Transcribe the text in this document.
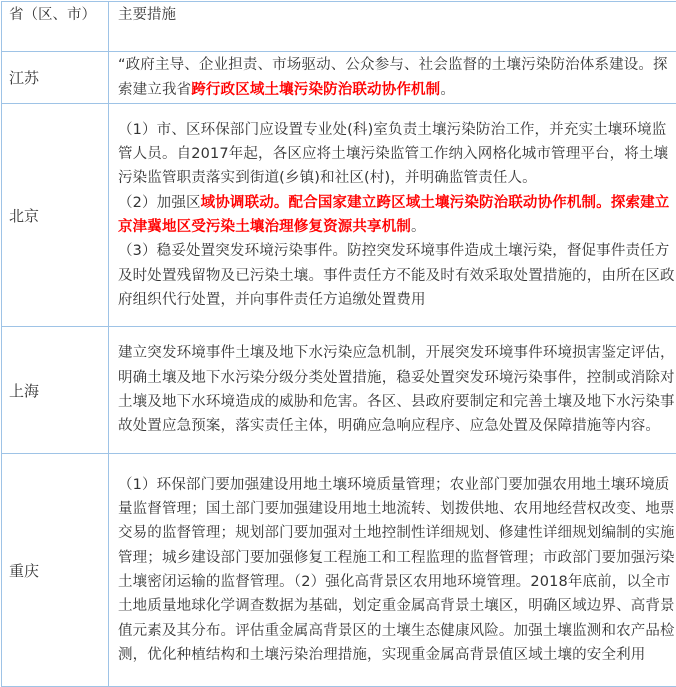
省（区、市）	主要措施
江苏	“政府主导、企业担责、市场驱动、公众参与、社会监督的土壤污染防治体系建设。探索建立我省跨行政区域土壤污染防治联动协作机制。
北京	（1）市、区环保部门应设置专业处(科)室负责土壤污染防治工作，并充实土壤环境监管人员。自2017年起，各区应将土壤污染监管工作纳入网格化城市管理平台，将土壤污染监管职责落实到街道(乡镇)和社区(村)，并明确监管责任人。
（2）加强区域协调联动。配合国家建立跨区域土壤污染防治联动协作机制。探索建立京津冀地区受污染土壤治理修复资源共享机制。
（3）稳妥处置突发环境污染事件。防控突发环境事件造成土壤污染，督促事件责任方及时处置残留物及已污染土壤。事件责任方不能及时有效采取处置措施的，由所在区政府组织代行处置，并向事件责任方追缴处置费用

上海	建立突发环境事件土壤及地下水污染应急机制，开展突发环境事件环境损害鉴定评估，明确土壤及地下水污染分级分类处置措施，稳妥处置突发环境污染事件，控制或消除对土壤及地下水环境造成的威胁和危害。各区、县政府要制定和完善土壤及地下水污染事故处置应急预案，落实责任主体，明确应急响应程序、应急处置及保障措施等内容。
重庆	（1）环保部门要加强建设用地土壤环境质量管理；农业部门要加强农用地土壤环境质量监督管理；国土部门要加强建设用地土地流转、划拨供地、农用地经营权改变、地票交易的监督管理；规划部门要加强对土地控制性详细规划、修建性详细规划编制的实施管理；城乡建设部门要加强修复工程施工和工程监理的监督管理；市政部门要加强污染土壤密闭运输的监督管理。（2）强化高背景区农用地环境管理。2018年底前，以全市土地质量地球化学调查数据为基础，划定重金属高背景土壤区，明确区域边界、高背景值元素及其分布。评估重金属高背景区的土壤生态健康风险。加强土壤监测和农产品检测，优化种植结构和土壤污染治理措施，实现重金属高背景值区域土壤的安全利用
